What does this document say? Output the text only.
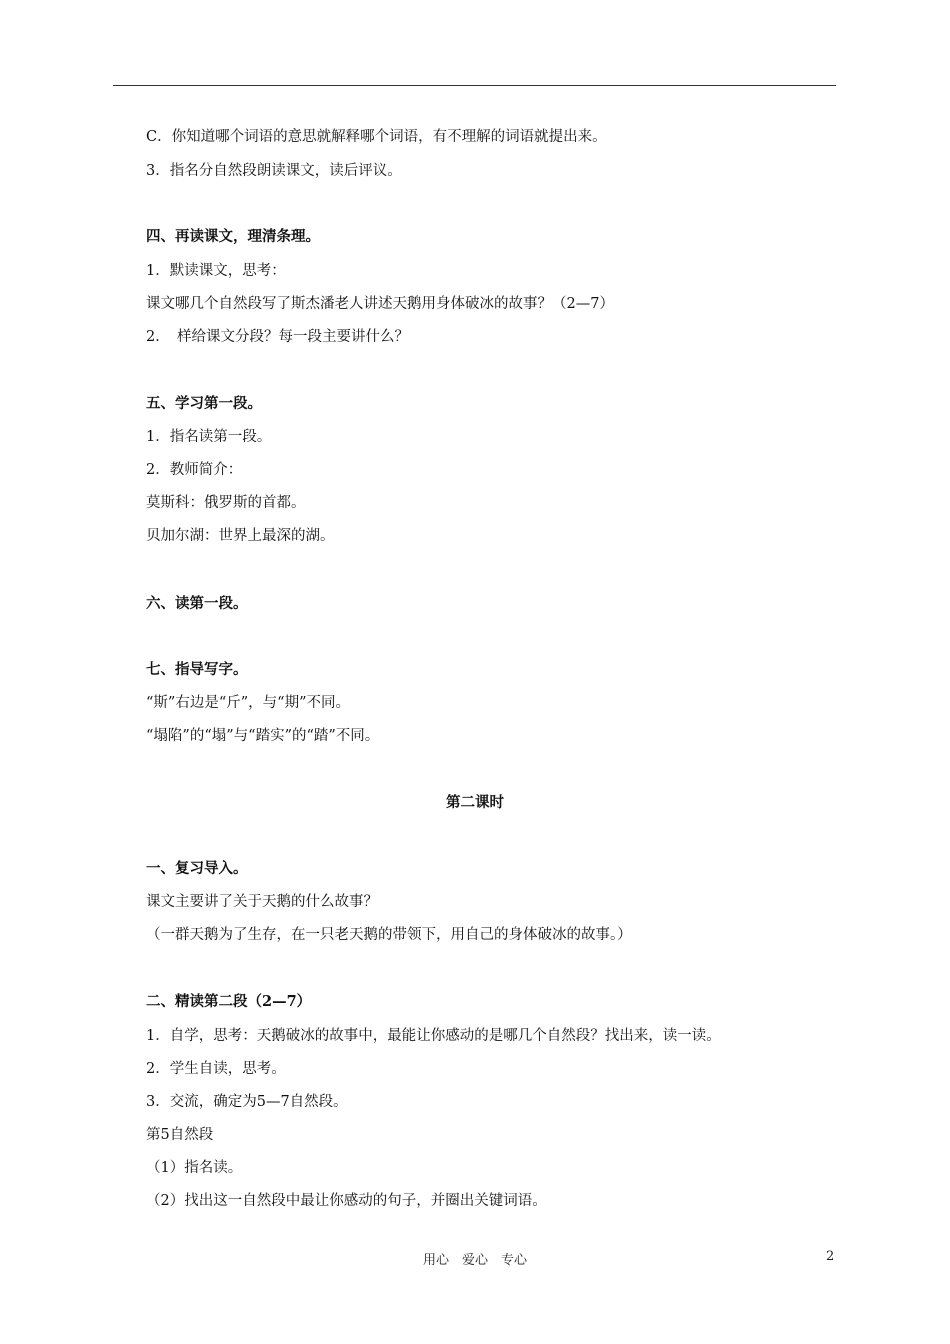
C．你知道哪个词语的意思就解释哪个词语，有不理解的词语就提出来。
3．指名分自然段朗读课文，读后评议。
四、再读课文，理清条理。
1．默读课文，思考：
课文哪几个自然段写了斯杰潘老人讲述天鹅用身体破冰的故事？（2—7）
2．　样给课文分段？每一段主要讲什么？
五、学习第一段。
1．指名读第一段。
2．教师简介：
莫斯科：俄罗斯的首都。
贝加尔湖：世界上最深的湖。
六、读第一段。
七、指导写字。
“斯”右边是“斤”，与“期”不同。
“塌陷”的“塌”与“踏实”的“踏”不同。
第二课时
一、复习导入。
课文主要讲了关于天鹅的什么故事？
（一群天鹅为了生存，在一只老天鹅的带领下，用自己的身体破冰的故事。）
二、精读第二段（2—7）
1．自学，思考：天鹅破冰的故事中，最能让你感动的是哪几个自然段？找出来，读一读。
2．学生自读，思考。
3．交流，确定为5—7自然段。
第5自然段
（1）指名读。
（2）找出这一自然段中最让你感动的句子，并圈出关键词语。
用心　爱心　专心	2
